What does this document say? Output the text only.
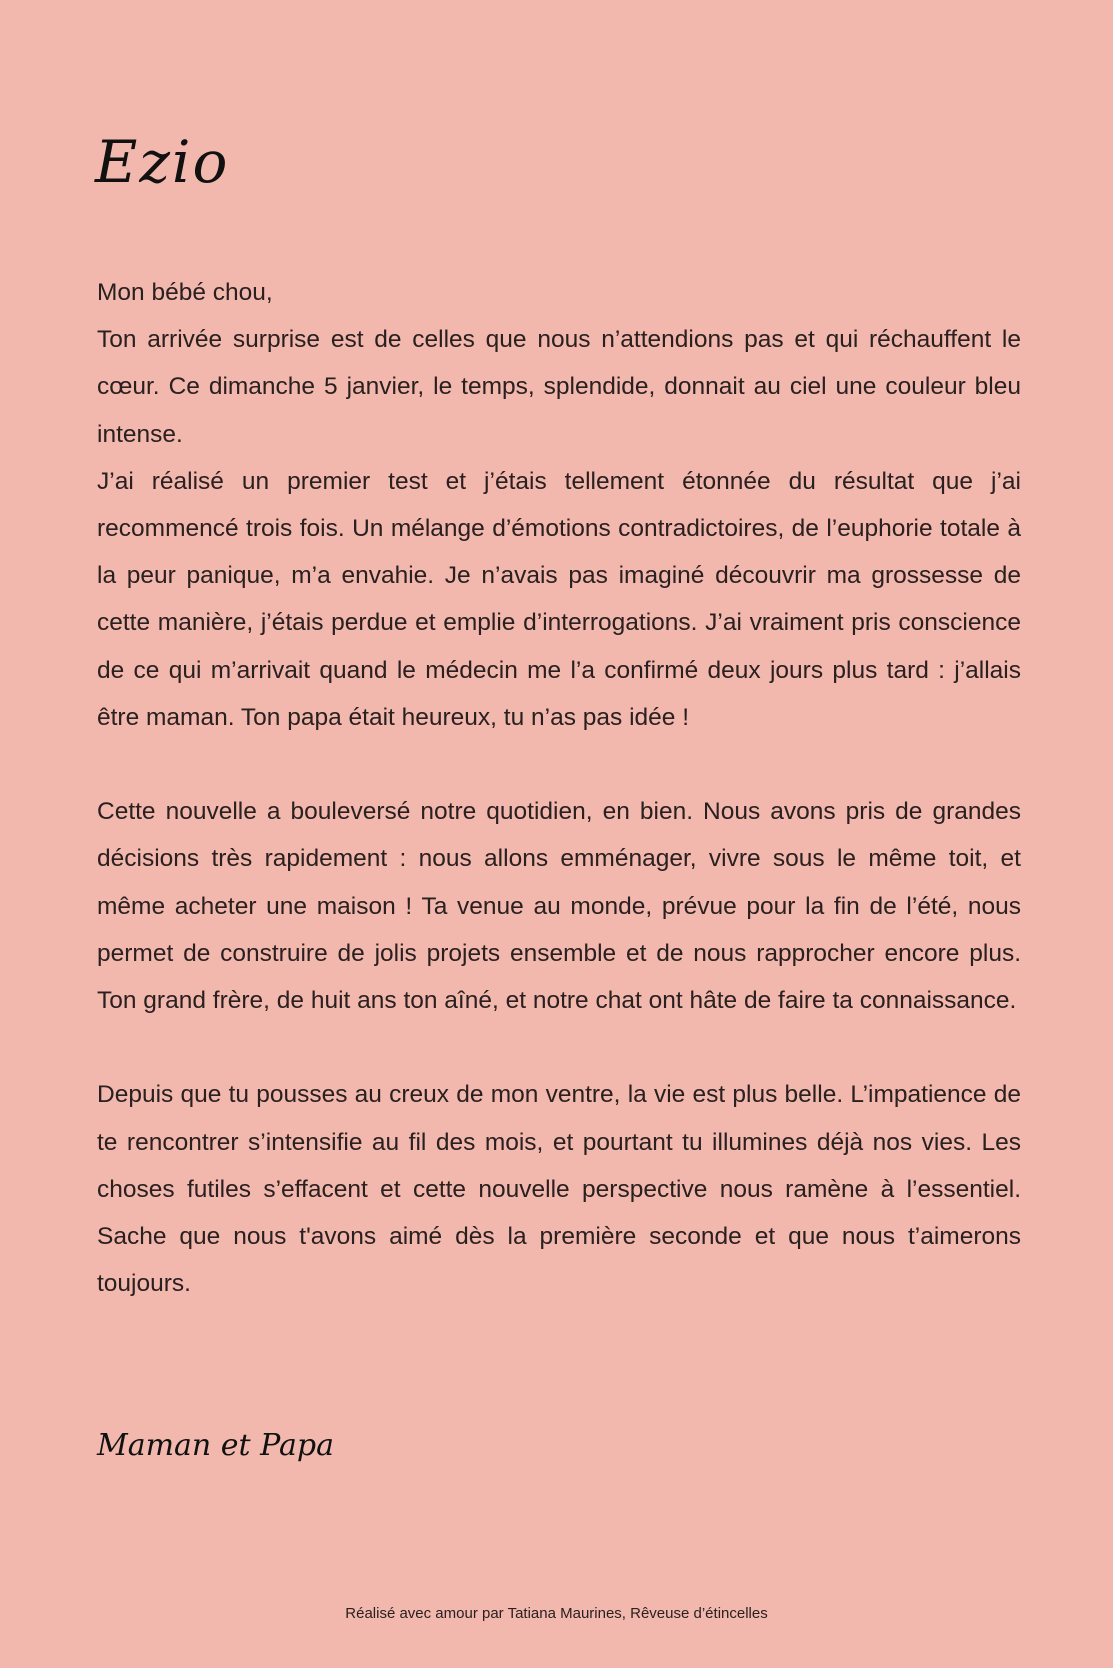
Ezio

Mon bébé chou,

Ton arrivée surprise est de celles que nous n’attendions pas et qui réchauffent le cœur. Ce dimanche 5 janvier, le temps, splendide, donnait au ciel une couleur bleu intense.

J’ai réalisé un premier test et j’étais tellement étonnée du résultat que j’ai recommencé trois fois. Un mélange d’émotions contradictoires, de l’euphorie totale à la peur panique, m’a envahie. Je n’avais pas imaginé découvrir ma grossesse de cette manière, j’étais perdue et emplie d’interrogations. J’ai vraiment pris conscience de ce qui m’arrivait quand le médecin me l’a confirmé deux jours plus tard : j’allais être maman. Ton papa était heureux, tu n’as pas idée !

Cette nouvelle a bouleversé notre quotidien, en bien. Nous avons pris de grandes décisions très rapidement : nous allons emménager, vivre sous le même toit, et même acheter une maison ! Ta venue au monde, prévue pour la fin de l’été, nous permet de construire de jolis projets ensemble et de nous rapprocher encore plus. Ton grand frère, de huit ans ton aîné, et notre chat ont hâte de faire ta connaissance.

Depuis que tu pousses au creux de mon ventre, la vie est plus belle. L’impatience de te rencontrer s’intensifie au fil des mois, et pourtant tu illumines déjà nos vies. Les choses futiles s’effacent et cette nouvelle perspective nous ramène à l’essentiel. Sache que nous t'avons aimé dès la première seconde et que nous t’aimerons toujours.

Maman et Papa

Réalisé avec amour par Tatiana Maurines, Rêveuse d’étincelles
